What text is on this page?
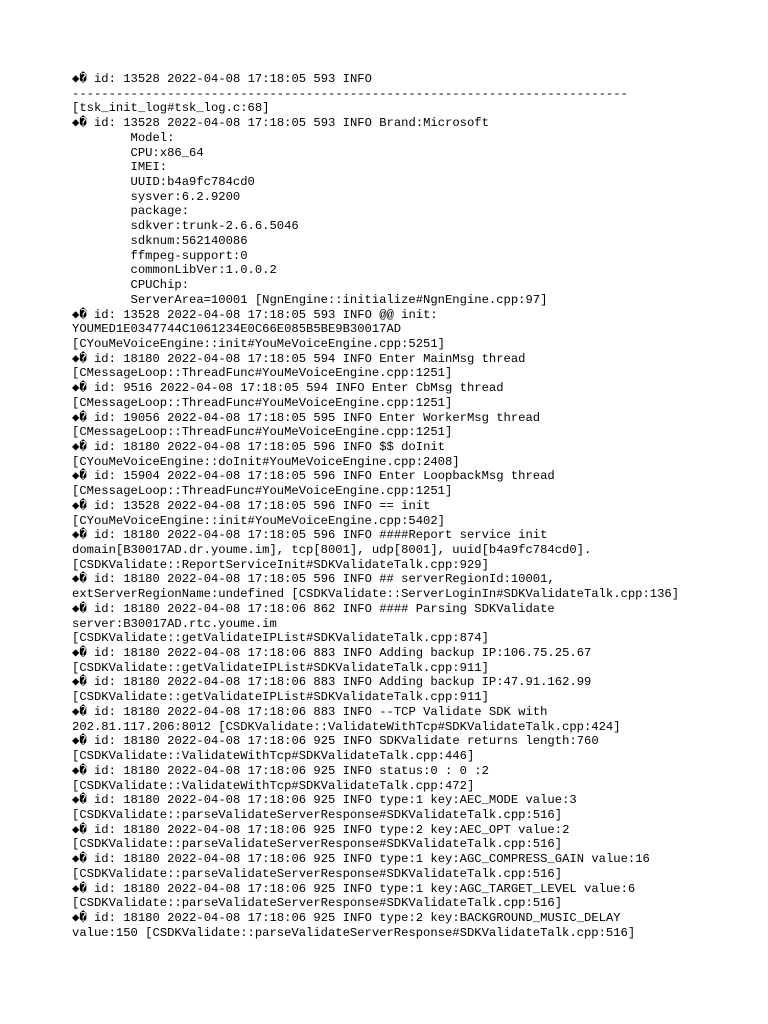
◆� id: 13528 2022-04-08 17:18:05 593 INFO
----------------------------------------------------------------------------
[tsk_init_log#tsk_log.c:68]
◆� id: 13528 2022-04-08 17:18:05 593 INFO Brand:Microsoft
Model:
CPU:x86_64
IMEI:
UUID:b4a9fc784cd0
sysver:6.2.9200
package:
sdkver:trunk-2.6.6.5046
sdknum:562140086
ffmpeg-support:0
commonLibVer:1.0.0.2
CPUChip:
ServerArea=10001 [NgnEngine::initialize#NgnEngine.cpp:97]
◆� id: 13528 2022-04-08 17:18:05 593 INFO @@ init:
YOUMED1E0347744C1061234E0C66E085B5BE9B30017AD
[CYouMeVoiceEngine::init#YouMeVoiceEngine.cpp:5251]
◆� id: 18180 2022-04-08 17:18:05 594 INFO Enter MainMsg thread
[CMessageLoop::ThreadFunc#YouMeVoiceEngine.cpp:1251]
◆� id: 9516 2022-04-08 17:18:05 594 INFO Enter CbMsg thread
[CMessageLoop::ThreadFunc#YouMeVoiceEngine.cpp:1251]
◆� id: 19056 2022-04-08 17:18:05 595 INFO Enter WorkerMsg thread
[CMessageLoop::ThreadFunc#YouMeVoiceEngine.cpp:1251]
◆� id: 18180 2022-04-08 17:18:05 596 INFO $$ doInit
[CYouMeVoiceEngine::doInit#YouMeVoiceEngine.cpp:2408]
◆� id: 15904 2022-04-08 17:18:05 596 INFO Enter LoopbackMsg thread
[CMessageLoop::ThreadFunc#YouMeVoiceEngine.cpp:1251]
◆� id: 13528 2022-04-08 17:18:05 596 INFO == init
[CYouMeVoiceEngine::init#YouMeVoiceEngine.cpp:5402]
◆� id: 18180 2022-04-08 17:18:05 596 INFO ####Report service init
domain[B30017AD.dr.youme.im], tcp[8001], udp[8001], uuid[b4a9fc784cd0].
[CSDKValidate::ReportServiceInit#SDKValidateTalk.cpp:929]
◆� id: 18180 2022-04-08 17:18:05 596 INFO ## serverRegionId:10001,
extServerRegionName:undefined [CSDKValidate::ServerLoginIn#SDKValidateTalk.cpp:136]
◆� id: 18180 2022-04-08 17:18:06 862 INFO #### Parsing SDKValidate
server:B30017AD.rtc.youme.im
[CSDKValidate::getValidateIPList#SDKValidateTalk.cpp:874]
◆� id: 18180 2022-04-08 17:18:06 883 INFO Adding backup IP:106.75.25.67
[CSDKValidate::getValidateIPList#SDKValidateTalk.cpp:911]
◆� id: 18180 2022-04-08 17:18:06 883 INFO Adding backup IP:47.91.162.99
[CSDKValidate::getValidateIPList#SDKValidateTalk.cpp:911]
◆� id: 18180 2022-04-08 17:18:06 883 INFO --TCP Validate SDK with
202.81.117.206:8012 [CSDKValidate::ValidateWithTcp#SDKValidateTalk.cpp:424]
◆� id: 18180 2022-04-08 17:18:06 925 INFO SDKValidate returns length:760
[CSDKValidate::ValidateWithTcp#SDKValidateTalk.cpp:446]
◆� id: 18180 2022-04-08 17:18:06 925 INFO status:0 : 0 :2
[CSDKValidate::ValidateWithTcp#SDKValidateTalk.cpp:472]
◆� id: 18180 2022-04-08 17:18:06 925 INFO type:1 key:AEC_MODE value:3
[CSDKValidate::parseValidateServerResponse#SDKValidateTalk.cpp:516]
◆� id: 18180 2022-04-08 17:18:06 925 INFO type:2 key:AEC_OPT value:2
[CSDKValidate::parseValidateServerResponse#SDKValidateTalk.cpp:516]
◆� id: 18180 2022-04-08 17:18:06 925 INFO type:1 key:AGC_COMPRESS_GAIN value:16
[CSDKValidate::parseValidateServerResponse#SDKValidateTalk.cpp:516]
◆� id: 18180 2022-04-08 17:18:06 925 INFO type:1 key:AGC_TARGET_LEVEL value:6
[CSDKValidate::parseValidateServerResponse#SDKValidateTalk.cpp:516]
◆� id: 18180 2022-04-08 17:18:06 925 INFO type:2 key:BACKGROUND_MUSIC_DELAY
value:150 [CSDKValidate::parseValidateServerResponse#SDKValidateTalk.cpp:516]
